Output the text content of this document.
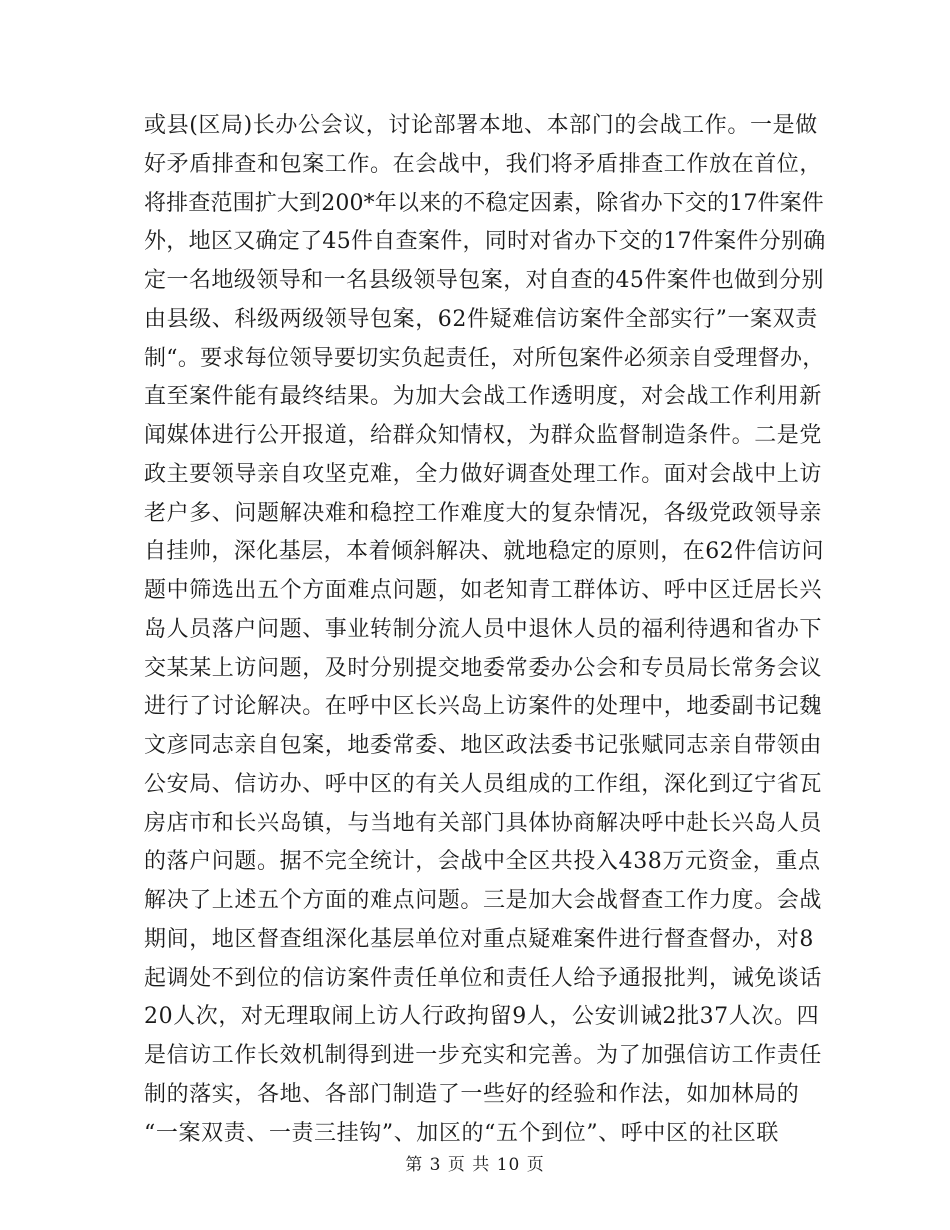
或县(区局)长办公会议，讨论部署本地、本部门的会战工作。一是做
好矛盾排查和包案工作。在会战中，我们将矛盾排查工作放在首位，
将排查范围扩大到200*年以来的不稳定因素，除省办下交的17件案件
外，地区又确定了45件自查案件，同时对省办下交的17件案件分别确
定一名地级领导和一名县级领导包案，对自查的45件案件也做到分别
由县级、科级两级领导包案，62件疑难信访案件全部实行”一案双责
制“。要求每位领导要切实负起责任，对所包案件必须亲自受理督办，
直至案件能有最终结果。为加大会战工作透明度，对会战工作利用新
闻媒体进行公开报道，给群众知情权，为群众监督制造条件。二是党
政主要领导亲自攻坚克难，全力做好调查处理工作。面对会战中上访
老户多、问题解决难和稳控工作难度大的复杂情况，各级党政领导亲
自挂帅，深化基层，本着倾斜解决、就地稳定的原则，在62件信访问
题中筛选出五个方面难点问题，如老知青工群体访、呼中区迁居长兴
岛人员落户问题、事业转制分流人员中退休人员的福利待遇和省办下
交某某上访问题，及时分别提交地委常委办公会和专员局长常务会议
进行了讨论解决。在呼中区长兴岛上访案件的处理中，地委副书记魏
文彦同志亲自包案，地委常委、地区政法委书记张赋同志亲自带领由
公安局、信访办、呼中区的有关人员组成的工作组，深化到辽宁省瓦
房店市和长兴岛镇，与当地有关部门具体协商解决呼中赴长兴岛人员
的落户问题。据不完全统计，会战中全区共投入438万元资金，重点
解决了上述五个方面的难点问题。三是加大会战督查工作力度。会战
期间，地区督查组深化基层单位对重点疑难案件进行督查督办，对8
起调处不到位的信访案件责任单位和责任人给予通报批判，诫免谈话
20人次，对无理取闹上访人行政拘留9人，公安训诫2批37人次。四
是信访工作长效机制得到进一步充实和完善。为了加强信访工作责任
制的落实，各地、各部门制造了一些好的经验和作法，如加林局的
“一案双责、一责三挂钩”、加区的“五个到位”、呼中区的社区联
第 3 页 共 10 页
